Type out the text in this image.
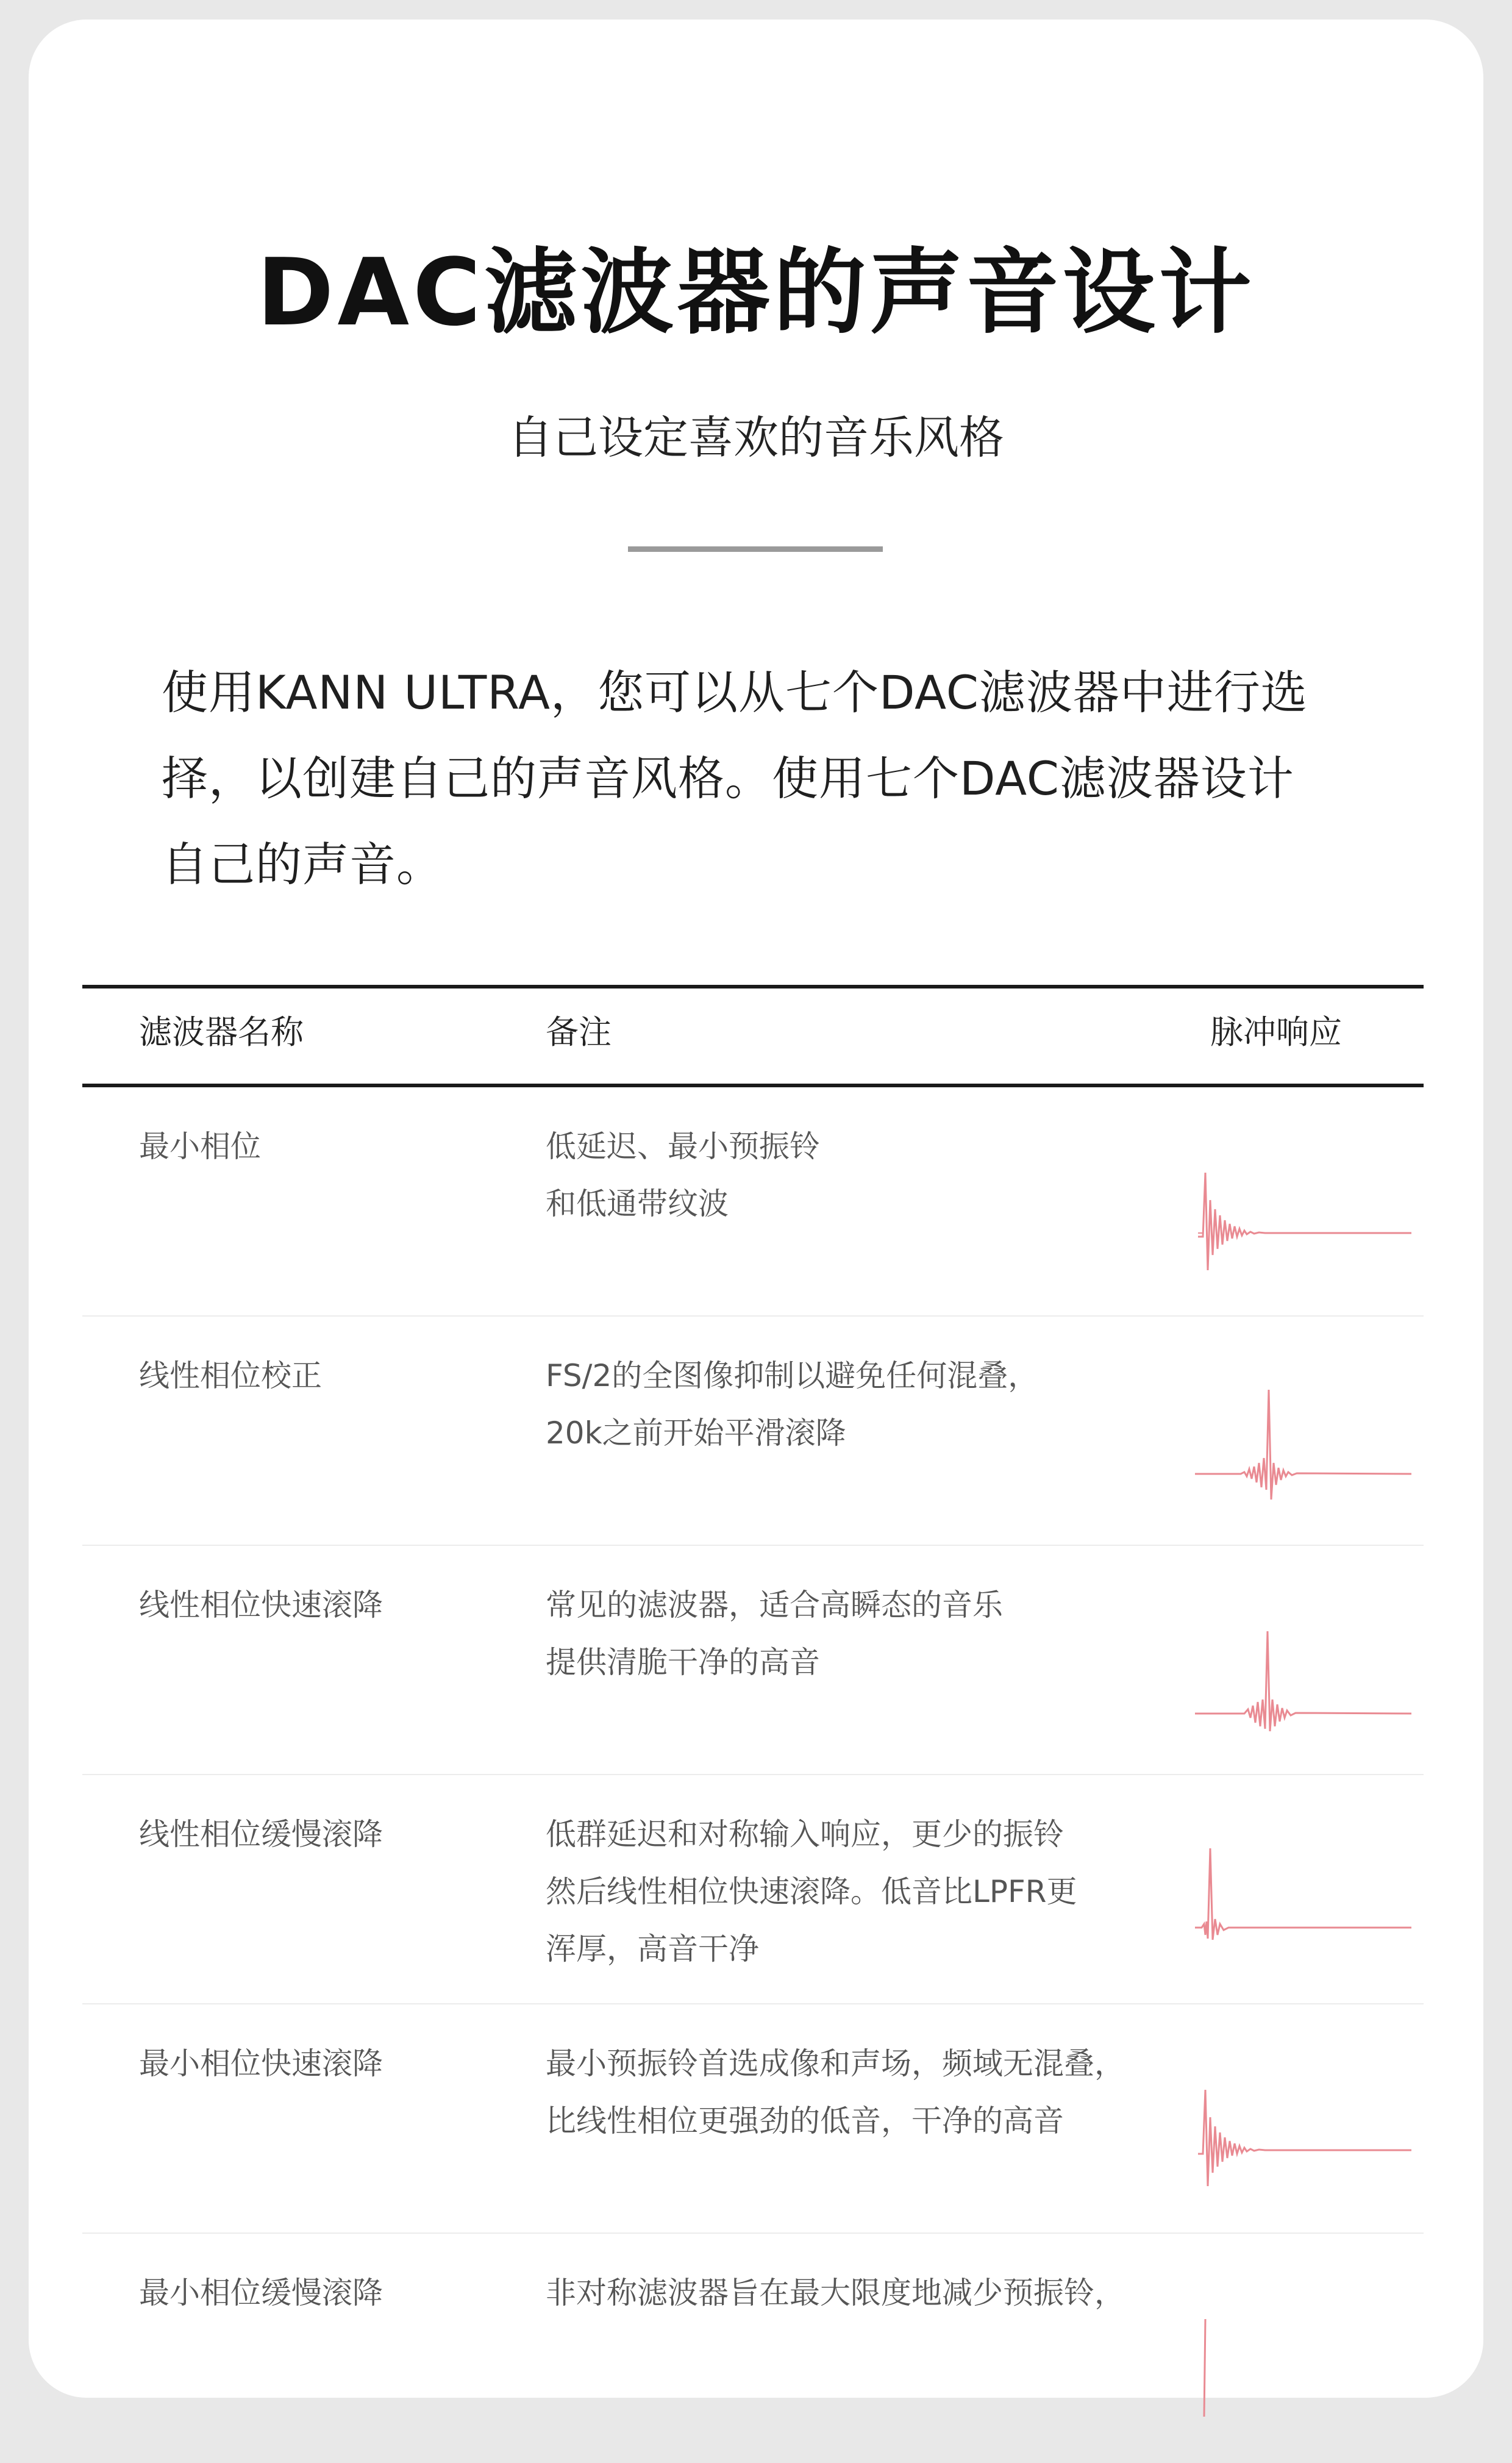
DAC滤波器的声音设计
自己设定喜欢的音乐风格
使用KANN ULTRA，您可以从七个DAC滤波器中进行选
择，以创建自己的声音风格。使用七个DAC滤波器设计
自己的声音。
滤波器名称	备注	脉冲响应
最小相位	低延迟、最小预振铃
和低通带纹波
线性相位校正	FS/2的全图像抑制以避免任何混叠，
20k之前开始平滑滚降
线性相位快速滚降	常见的滤波器，适合高瞬态的音乐
提供清脆干净的高音
线性相位缓慢滚降	低群延迟和对称输入响应，更少的振铃
然后线性相位快速滚降。低音比LPFR更
浑厚，高音干净
最小相位快速滚降	最小预振铃首选成像和声场，频域无混叠，
比线性相位更强劲的低音，干净的高音
最小相位缓慢滚降	非对称滤波器旨在最大限度地减少预振铃，
